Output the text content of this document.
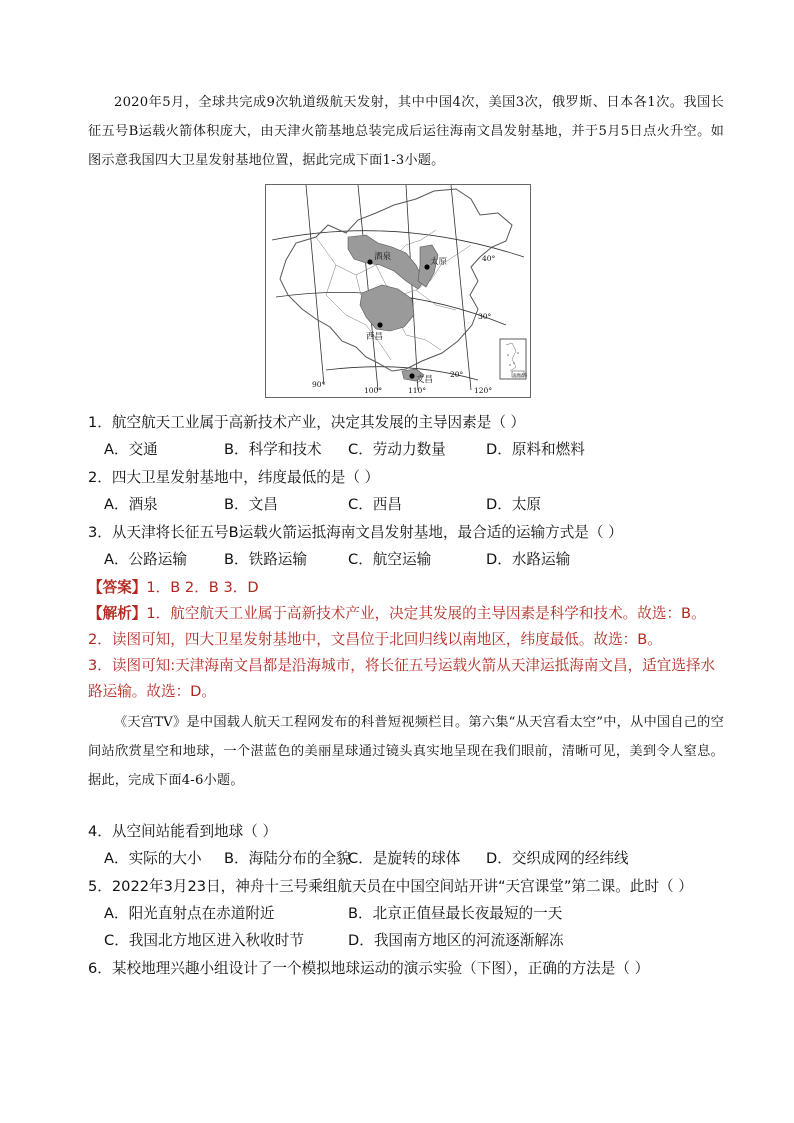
2020年5月，全球共完成9次轨道级航天发射，其中中国4次，美国3次，俄罗斯、日本各1次。我国长征五号B运载火箭体积庞大，由天津火箭基地总装完成后运往海南文昌发射基地，并于5月5日点火升空。如图示意我国四大卫星发射基地位置，据此完成下面1-3小题。

酒泉	太原
西昌
文昌
40°
30°
20°
90°
100°	110°	120°
南海诸岛
1．航空航天工业属于高新技术产业，决定其发展的主导因素是（ ）
A．交通	B．科学和技术 C．劳动力数量	D．原料和燃料
2．四大卫星发射基地中，纬度最低的是（ ）
A．酒泉	B．文昌	C．西昌	D．太原
3．从天津将长征五号B运载火箭运抵海南文昌发射基地，最合适的运输方式是（ ）
A．公路运输	B．铁路运输	C．航空运输	D．水路运输
【答案】1．B 2．B 3．D
【解析】1．航空航天工业属于高新技术产业，决定其发展的主导因素是科学和技术。故选：B。
2．读图可知，四大卫星发射基地中，文昌位于北回归线以南地区，纬度最低。故选：B。
3．读图可知:天津海南文昌都是沿海城市，将长征五号运载火箭从天津运抵海南文昌，适宜选择水路运输。故选：D。

《天宫TV》是中国载人航天工程网发布的科普短视频栏目。第六集“从天宫看太空”中，从中国自己的空间站欣赏星空和地球，一个湛蓝色的美丽星球通过镜头真实地呈现在我们眼前，清晰可见，美到令人窒息。据此，完成下面4-6小题。

4．从空间站能看到地球（ ）
A．实际的大小 B．海陆分布的全貌
C．是旋转的球体 D．交织成网的经纬线
5．2022年3月23日，神舟十三号乘组航天员在中国空间站开讲“天宫课堂”第二课。此时（ ）
A．阳光直射点在赤道附近	B．北京正值昼最长夜最短的一天
C．我国北方地区进入秋收时节	D．我国南方地区的河流逐渐解冻
6．某校地理兴趣小组设计了一个模拟地球运动的演示实验（下图），正确的方法是（ ）
